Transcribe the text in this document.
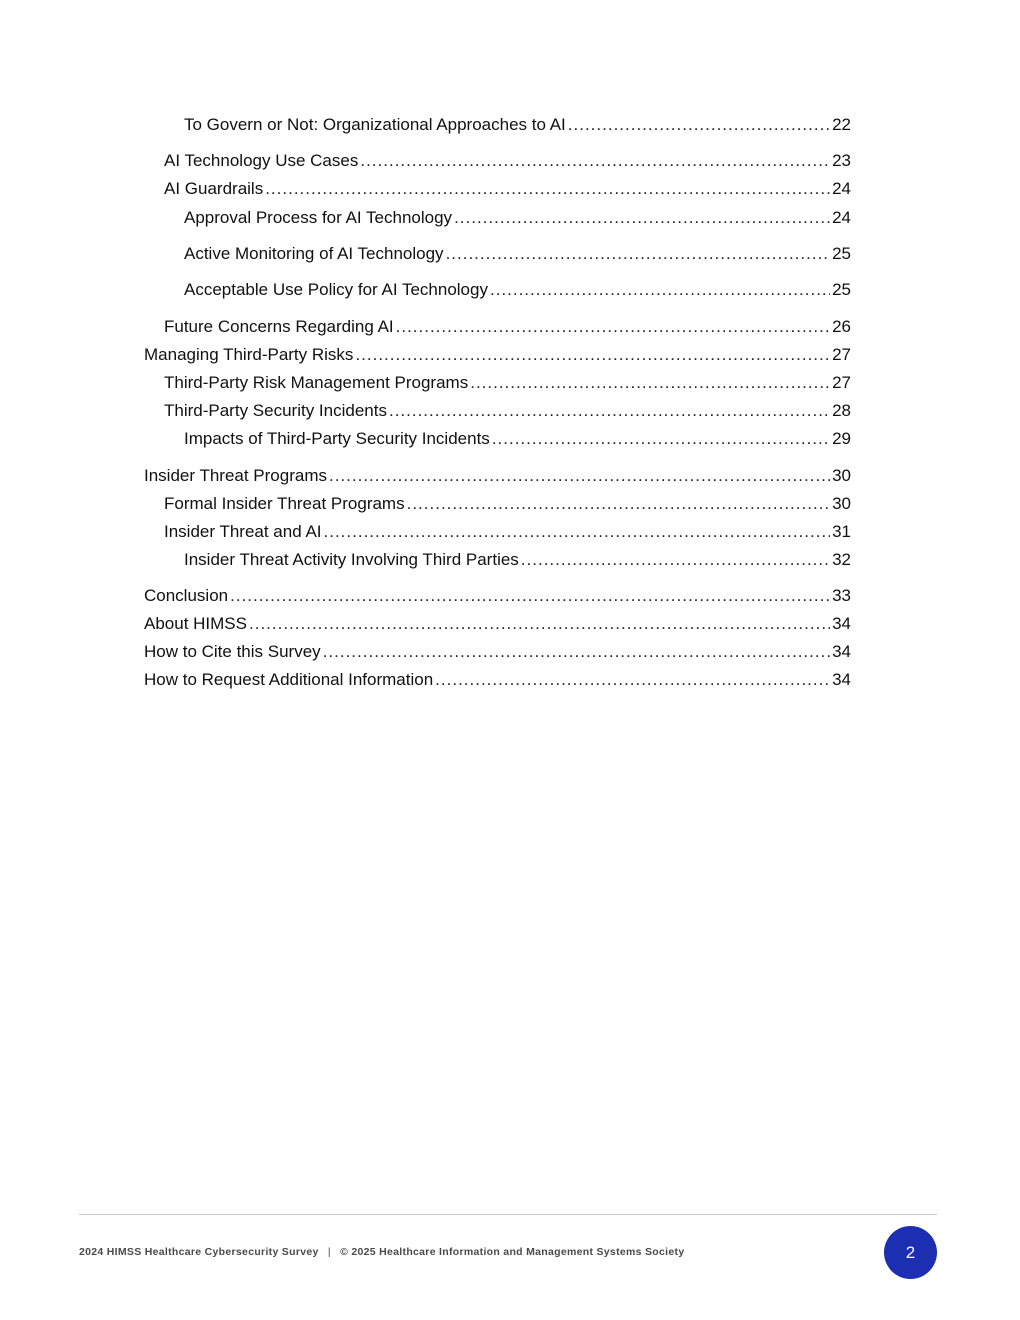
To Govern or Not: Organizational Approaches to AI .....	22
AI Technology Use Cases .....	23
AI Guardrails .....	24
Approval Process for AI Technology .....	24
Active Monitoring of AI Technology .....	25
Acceptable Use Policy for AI Technology .....	25
Future Concerns Regarding AI .....	26
Managing Third-Party Risks .....	27
Third-Party Risk Management Programs .....	27
Third-Party Security Incidents .....	28
Impacts of Third-Party Security Incidents .....	29
Insider Threat Programs .....	30
Formal Insider Threat Programs .....	30
Insider Threat and AI .....	31
Insider Threat Activity Involving Third Parties .....	32
Conclusion .....	33
About HIMSS .....	34
How to Cite this Survey .....	34
How to Request Additional Information .....	34
2024 HIMSS Healthcare Cybersecurity Survey | © 2025 Healthcare Information and Management Systems Society	2
